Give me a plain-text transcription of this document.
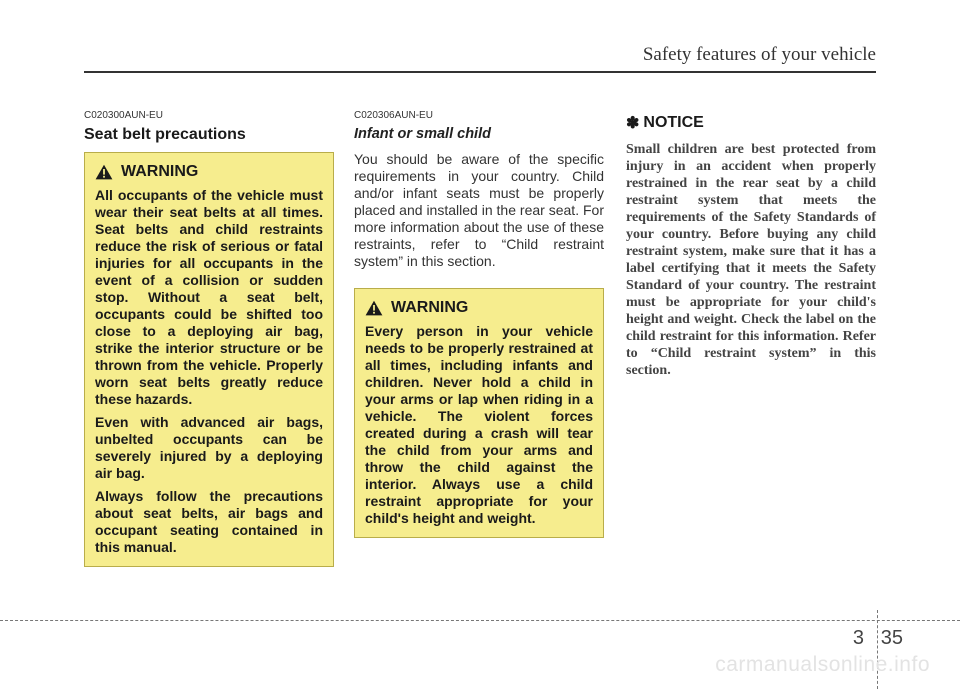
Safety features of your vehicle
C020300AUN-EU
Seat belt precautions
WARNING

All occupants of the vehicle must wear their seat belts at all times. Seat belts and child restraints reduce the risk of serious or fatal injuries for all occupants in the event of a collision or sudden stop. Without a seat belt, occupants could be shifted too close to a deploying air bag, strike the interior structure or be thrown from the vehicle. Properly worn seat belts greatly reduce these hazards.

Even with advanced air bags, unbelted occupants can be severely injured by a deploying air bag.

Always follow the precautions about seat belts, air bags and occupant seating contained in this manual.

C020306AUN-EU
Infant or small child

You should be aware of the specific requirements in your country. Child and/or infant seats must be properly placed and installed in the rear seat. For more information about the use of these restraints, refer to “Child restraint system” in this section.

WARNING

Every person in your vehicle needs to be properly restrained at all times, including infants and children. Never hold a child in your arms or lap when riding in a vehicle. The violent forces created during a crash will tear the child from your arms and throw the child against the interior. Always use a child restraint appropriate for your child's height and weight.

✽ NOTICE

Small children are best protected from injury in an accident when properly restrained in the rear seat by a child restraint system that meets the requirements of the Safety Standards of your country. Before buying any child restraint system, make sure that it has a label certifying that it meets the Safety Standard of your country. The restraint must be appropriate for your child's height and weight. Check the label on the child restraint for this information. Refer to “Child restraint system” in this section.

3 35
carmanualsonline.info
